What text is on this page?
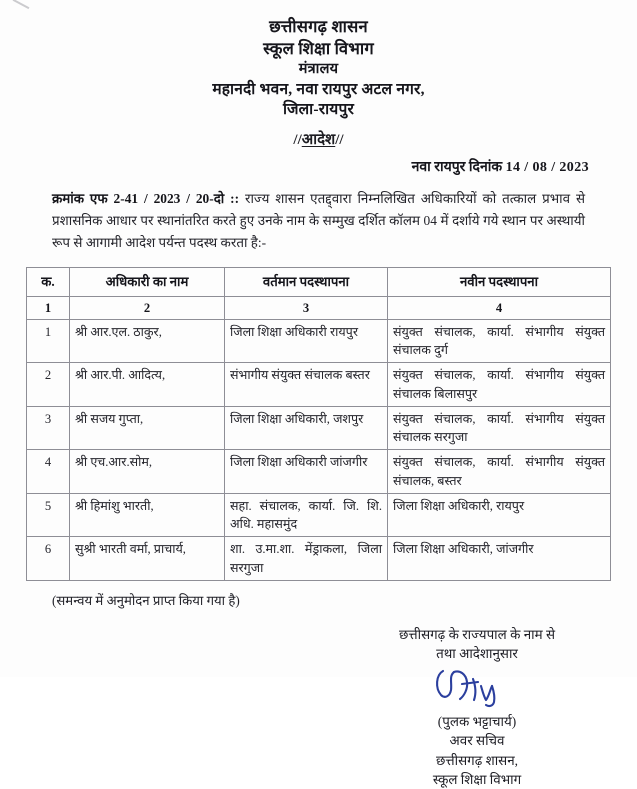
छत्तीसगढ़ शासन
स्कूल शिक्षा विभाग
मंत्रालय
महानदी भवन, नवा रायपुर अटल नगर,
जिला-रायपुर
//आदेश//
नवा रायपुर दिनांक 14 / 08 / 2023
क्रमांक एफ 2-41 / 2023 / 20-दो :: राज्य शासन एतद्द्वारा निम्नलिखित अधिकारियों को तत्काल प्रभाव से प्रशासनिक आधार पर स्थानांतरित करते हुए उनके नाम के सम्मुख दर्शित कॉलम 04 में दर्शाये गये स्थान पर अस्थायी रूप से आगामी आदेश पर्यन्त पदस्थ करता है:-
क.	अधिकारी का नाम	वर्तमान पदस्थापना	नवीन पदस्थापना
1	2	3	4
1	श्री आर.एल. ठाकुर,	जिला शिक्षा अधिकारी रायपुर	संयुक्त संचालक, कार्या. संभागीय संयुक्त संचालक दुर्ग
2	श्री आर.पी. आदित्य,	संभागीय संयुक्त संचालक बस्तर	संयुक्त संचालक, कार्या. संभागीय संयुक्त संचालक बिलासपुर
3	श्री सजय गुप्ता,	जिला शिक्षा अधिकारी, जशपुर	संयुक्त संचालक, कार्या. संभागीय संयुक्त संचालक सरगुजा
4	श्री एच.आर.सोम,	जिला शिक्षा अधिकारी जांजगीर	संयुक्त संचालक, कार्या. संभागीय संयुक्त संचालक, बस्तर
5	श्री हिमांशु भारती,	सहा. संचालक, कार्या. जि. शि. अधि. महासमुंद	जिला शिक्षा अधिकारी, रायपुर
6	सुश्री भारती वर्मा, प्राचार्य,	शा. उ.मा.शा. मेंड्राकला, जिला सरगुजा	जिला शिक्षा अधिकारी, जांजगीर
(समन्वय में अनुमोदन प्राप्त किया गया है)
छत्तीसगढ़ के राज्यपाल के नाम से
तथा आदेशानुसार
(पुलक भट्टाचार्य)
अवर सचिव
छत्तीसगढ़ शासन,
स्कूल शिक्षा विभाग
